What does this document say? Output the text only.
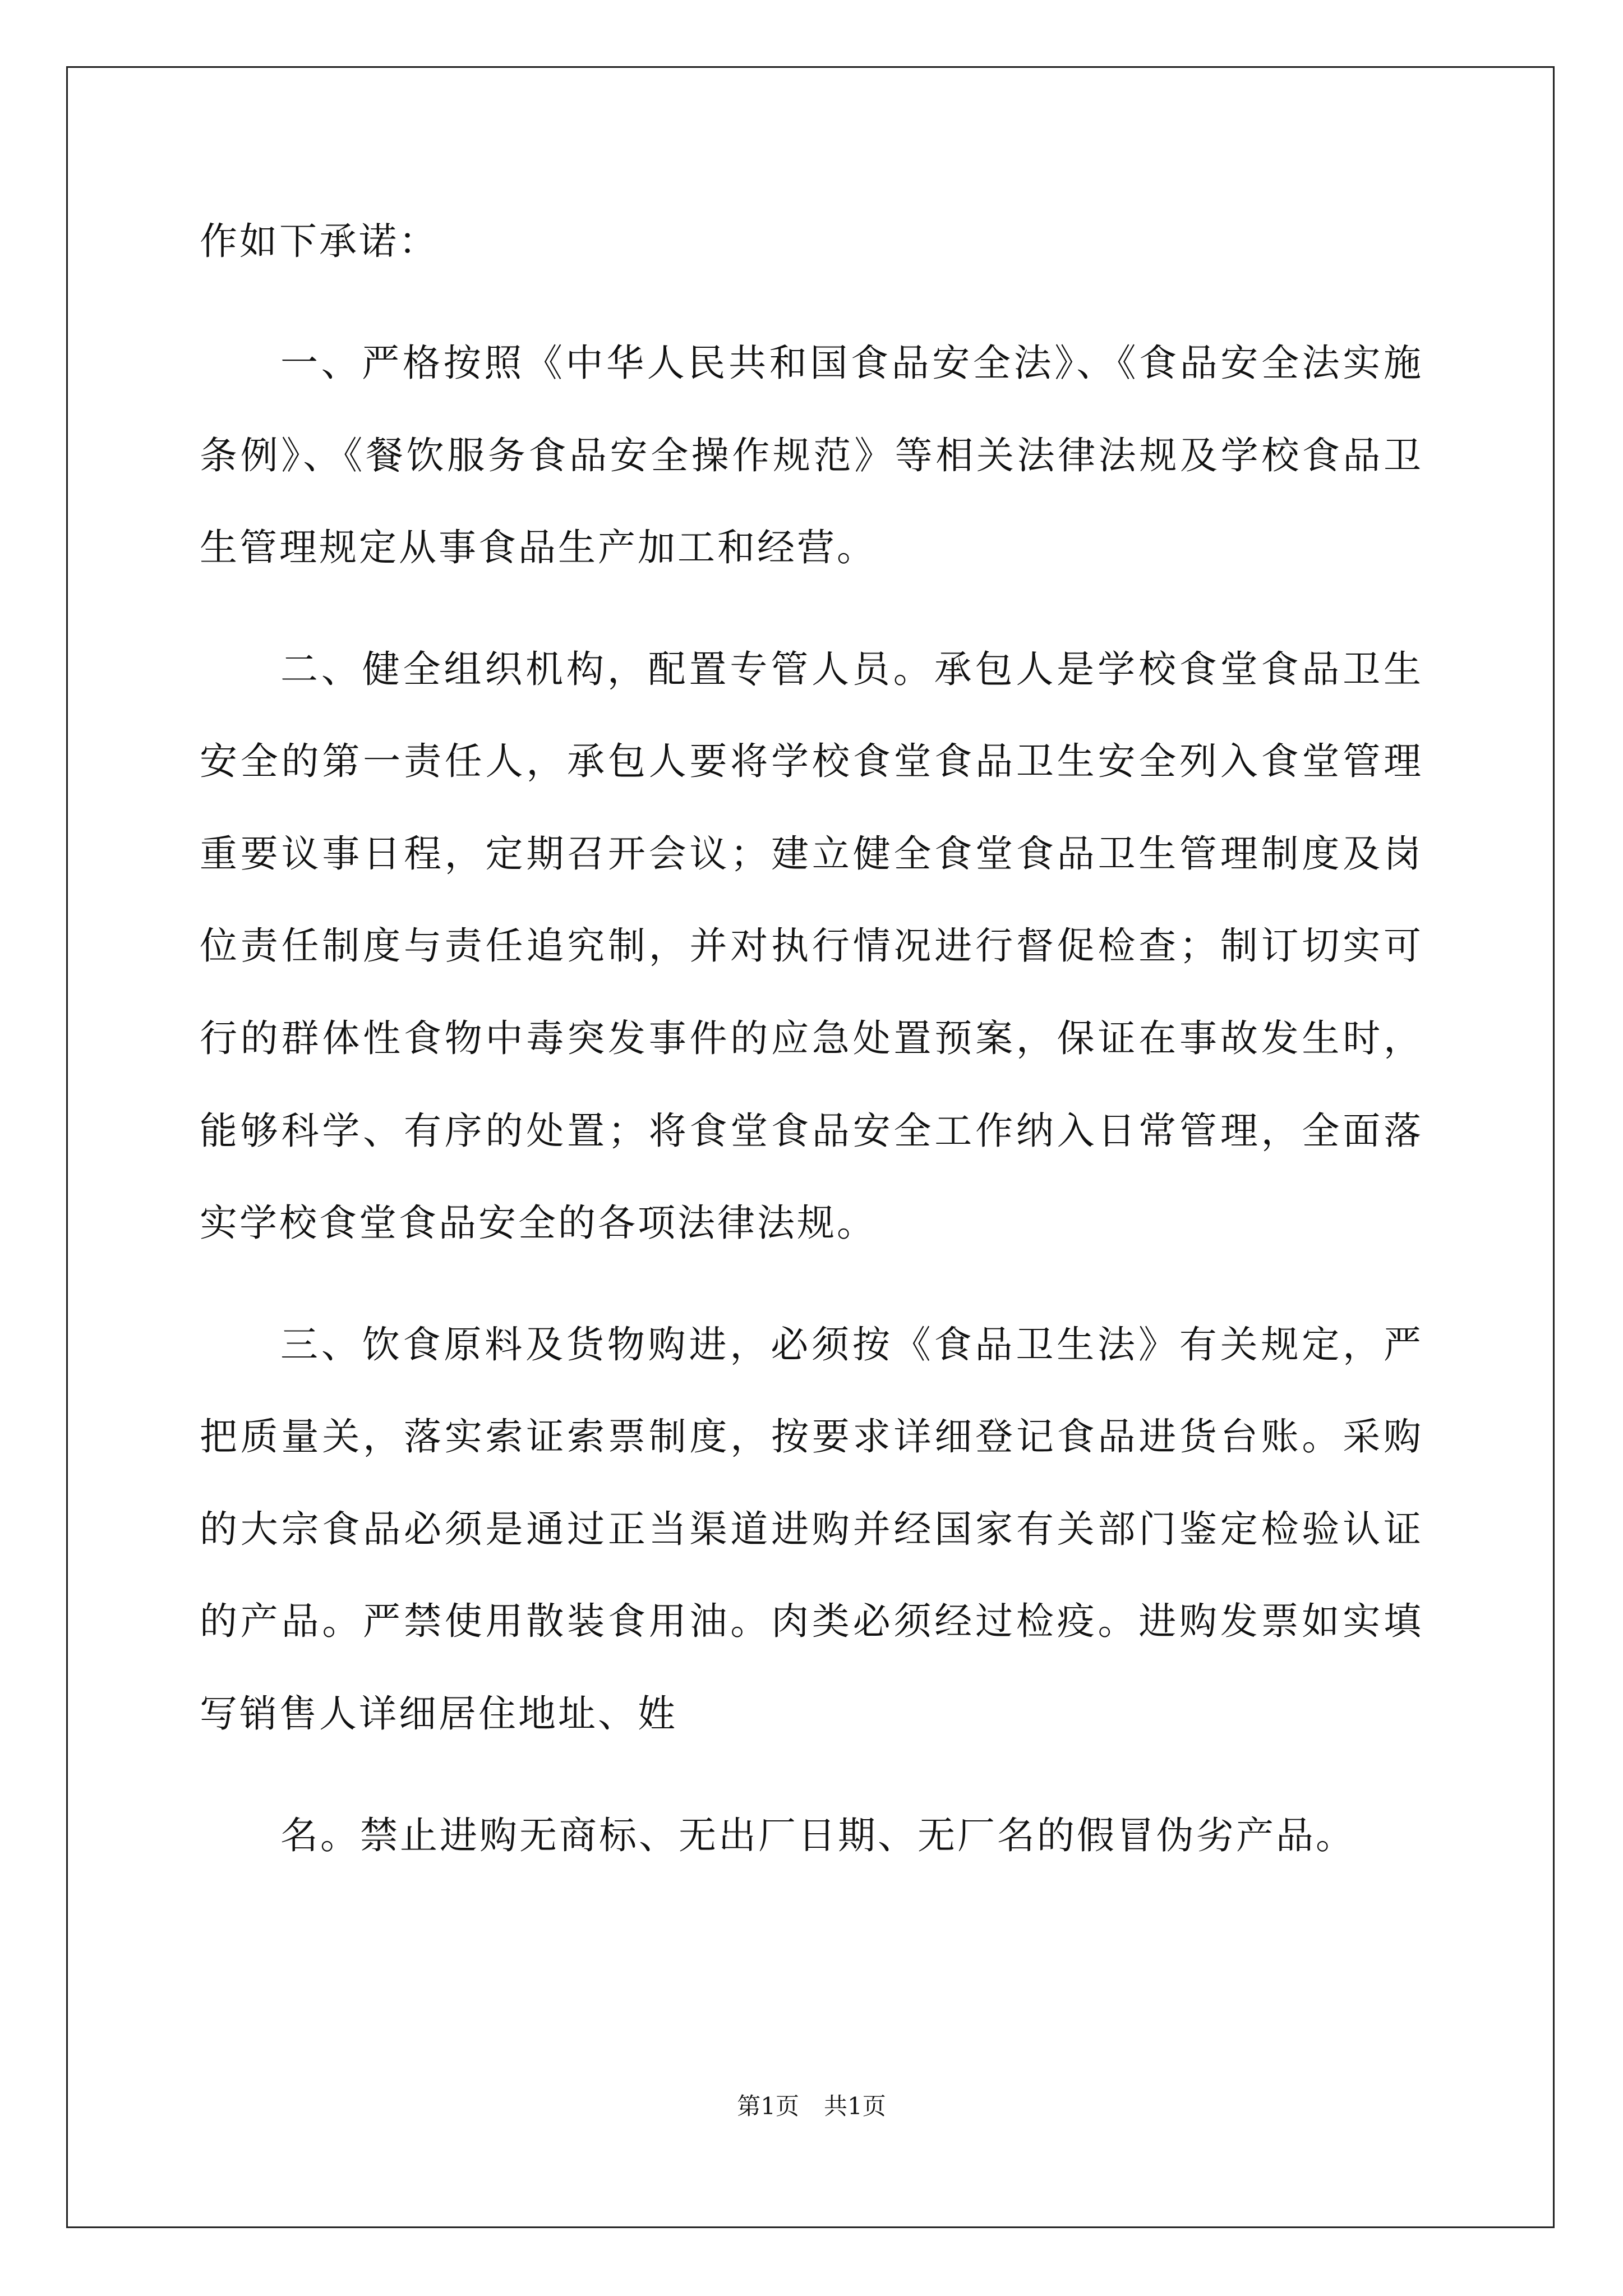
作如下承诺：
一、严格按照《中华人民共和国食品安全法》、《食品安全法实施
条例》、《餐饮服务食品安全操作规范》等相关法律法规及学校食品卫
生管理规定从事食品生产加工和经营。
二、健全组织机构，配置专管人员。承包人是学校食堂食品卫生
安全的第一责任人，承包人要将学校食堂食品卫生安全列入食堂管理
重要议事日程，定期召开会议；建立健全食堂食品卫生管理制度及岗
位责任制度与责任追究制，并对执行情况进行督促检查；制订切实可
行的群体性食物中毒突发事件的应急处置预案，保证在事故发生时，
能够科学、有序的处置；将食堂食品安全工作纳入日常管理，全面落
实学校食堂食品安全的各项法律法规。
三、饮食原料及货物购进，必须按《食品卫生法》有关规定，严
把质量关，落实索证索票制度，按要求详细登记食品进货台账。采购
的大宗食品必须是通过正当渠道进购并经国家有关部门鉴定检验认证
的产品。严禁使用散装食用油。肉类必须经过检疫。进购发票如实填
写销售人详细居住地址、姓
名。禁止进购无商标、无出厂日期、无厂名的假冒伪劣产品。
第1页 共1页
